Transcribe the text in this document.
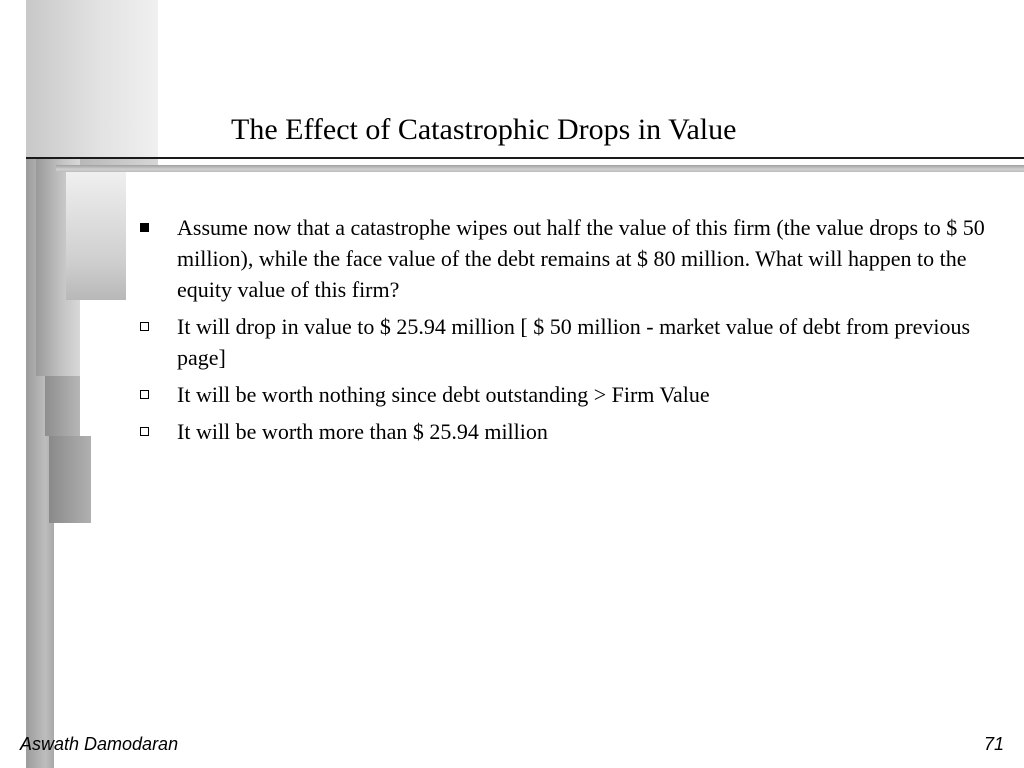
The Effect of Catastrophic Drops in Value
Assume now that a catastrophe wipes out half the value of this firm (the value drops to $ 50 million), while the face value of the debt remains at $ 80 million. What will happen to the equity value of this firm?
It will drop in value to $ 25.94 million [ $ 50 million - market value of debt from previous page]
It will be worth nothing since debt outstanding > Firm Value
It will be worth more than $ 25.94 million
Aswath Damodaran	71
